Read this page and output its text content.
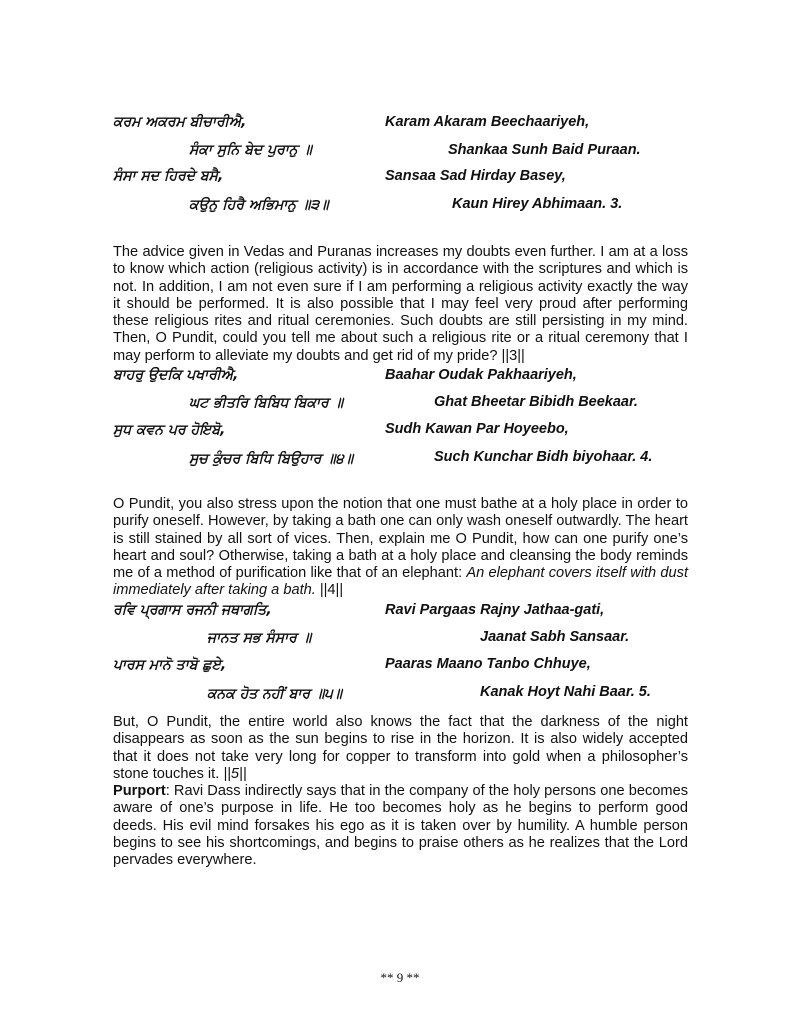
ਕਰਮ ਅਕਰਮ ਬੀਚਾਰੀਐ,	Karam Akaram Beechaariyeh,
ਸੰਕਾ ਸੁਨਿ ਬੇਦ ਪੁਰਾਨੁ ॥	Shankaa Sunh Baid Puraan.
ਸੰਸਾ ਸਦ ਹਿਰਦੇ ਬਸੈ,	Sansaa Sad Hirday Basey,
ਕਉਨੁ ਹਿਰੈ ਅਭਿਮਾਨੁ ॥੩॥	Kaun Hirey Abhimaan. 3.
The advice given in Vedas and Puranas increases my doubts even further. I am at a loss to know which action (religious activity) is in accordance with the scriptures and which is not. In addition, I am not even sure if I am performing a religious activity exactly the way it should be performed. It is also possible that I may feel very proud after performing these religious rites and ritual ceremonies. Such doubts are still persisting in my mind. Then, O Pundit, could you tell me about such a religious rite or a ritual ceremony that I may perform to alleviate my doubts and get rid of my pride? ||3||
ਬਾਹਰੁ ਉਦਕਿ ਪਖਾਰੀਐ,	Baahar Oudak Pakhaariyeh,
ਘਟ ਭੀਤਰਿ ਬਿਬਿਧ ਬਿਕਾਰ ॥	Ghat Bheetar Bibidh Beekaar.
ਸੁਧ ਕਵਨ ਪਰ ਹੋਇਬੋ,	Sudh Kawan Par Hoyeebo,
ਸੁਚ ਕੁੰਚਰ ਬਿਧਿ ਬਿਉਹਾਰ ॥੪॥	Such Kunchar Bidh biyohaar. 4.
O Pundit, you also stress upon the notion that one must bathe at a holy place in order to purify oneself. However, by taking a bath one can only wash oneself outwardly. The heart is still stained by all sort of vices. Then, explain me O Pundit, how can one purify one’s heart and soul? Otherwise, taking a bath at a holy place and cleansing the body reminds me of a method of purification like that of an elephant: An elephant covers itself with dust immediately after taking a bath. ||4||
ਰਵਿ ਪ੍ਰਗਾਸ ਰਜਨੀ ਜਥਾਗਤਿ,	Ravi Pargaas Rajny Jathaa-gati,
ਜਾਨਤ ਸਭ ਸੰਸਾਰ ॥	Jaanat Sabh Sansaar.
ਪਾਰਸ ਮਾਨੋ ਤਾਬੋ ਛੁਏ,	Paaras Maano Tanbo Chhuye,
ਕਨਕ ਹੋਤ ਨਹੀਂ ਬਾਰ ॥੫॥	Kanak Hoyt Nahi Baar. 5.
But, O Pundit, the entire world also knows the fact that the darkness of the night disappears as soon as the sun begins to rise in the horizon. It is also widely accepted that it does not take very long for copper to transform into gold when a philosopher’s stone touches it. ||5||
Purport: Ravi Dass indirectly says that in the company of the holy persons one becomes aware of one’s purpose in life. He too becomes holy as he begins to perform good deeds. His evil mind forsakes his ego as it is taken over by humility. A humble person begins to see his shortcomings, and begins to praise others as he realizes that the Lord pervades everywhere.
** 9 **
